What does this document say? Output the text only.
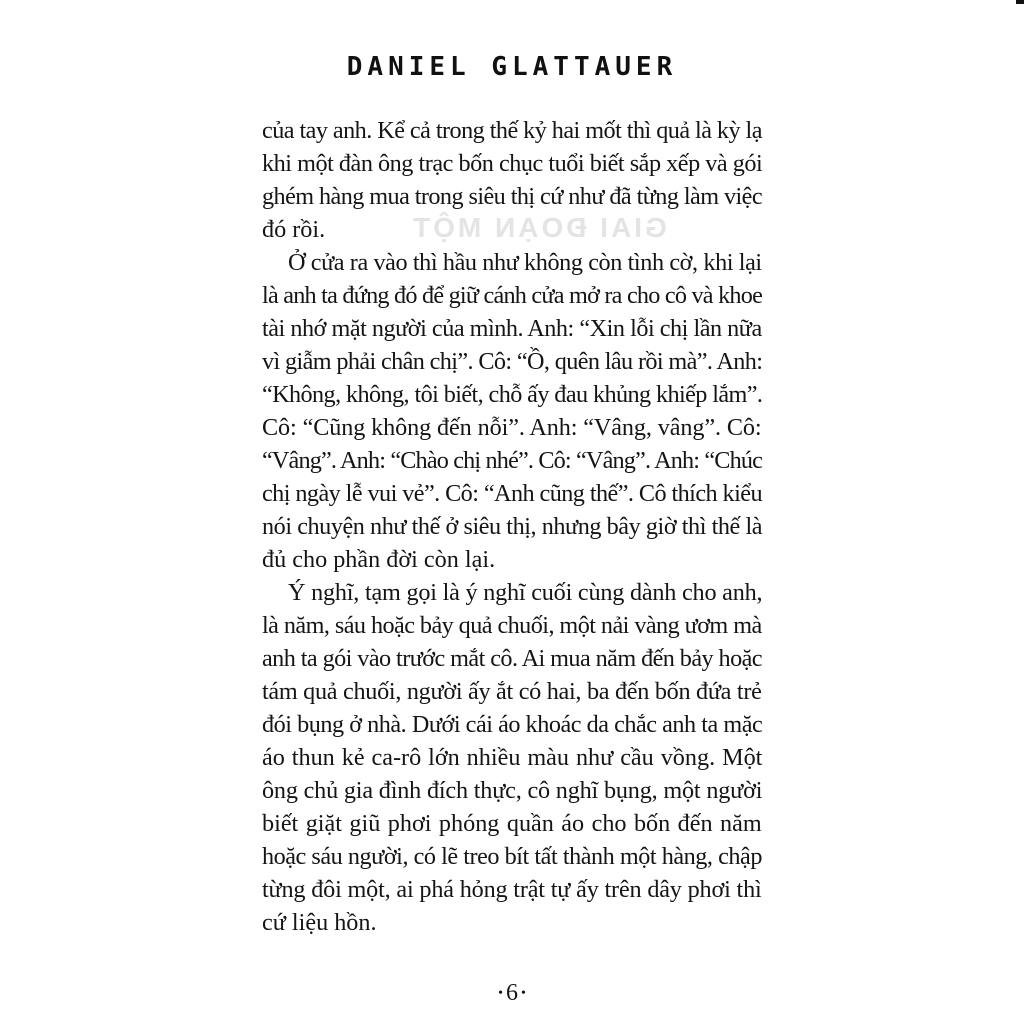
GIAI ĐOẠN MỘT
DANIEL GLATTAUER
của tay anh. Kể cả trong thế kỷ hai mốt thì quả là kỳ lạ
khi một đàn ông trạc bốn chục tuổi biết sắp xếp và gói
ghém hàng mua trong siêu thị cứ như đã từng làm việc
đó rồi.
Ở cửa ra vào thì hầu như không còn tình cờ, khi lại
là anh ta đứng đó để giữ cánh cửa mở ra cho cô và khoe
tài nhớ mặt người của mình. Anh: “Xin lỗi chị lần nữa
vì giẫm phải chân chị”. Cô: “Ồ, quên lâu rồi mà”. Anh:
“Không, không, tôi biết, chỗ ấy đau khủng khiếp lắm”.
Cô: “Cũng không đến nỗi”. Anh: “Vâng, vâng”. Cô:
“Vâng”. Anh: “Chào chị nhé”. Cô: “Vâng”. Anh: “Chúc
chị ngày lễ vui vẻ”. Cô: “Anh cũng thế”. Cô thích kiểu
nói chuyện như thế ở siêu thị, nhưng bây giờ thì thế là
đủ cho phần đời còn lại.
Ý nghĩ, tạm gọi là ý nghĩ cuối cùng dành cho anh,
là năm, sáu hoặc bảy quả chuối, một nải vàng ươm mà
anh ta gói vào trước mắt cô. Ai mua năm đến bảy hoặc
tám quả chuối, người ấy ắt có hai, ba đến bốn đứa trẻ
đói bụng ở nhà. Dưới cái áo khoác da chắc anh ta mặc
áo thun kẻ ca-rô lớn nhiều màu như cầu vồng. Một
ông chủ gia đình đích thực, cô nghĩ bụng, một người
biết giặt giũ phơi phóng quần áo cho bốn đến năm
hoặc sáu người, có lẽ treo bít tất thành một hàng, chập
từng đôi một, ai phá hỏng trật tự ấy trên dây phơi thì
cứ liệu hồn.
• 6 •
